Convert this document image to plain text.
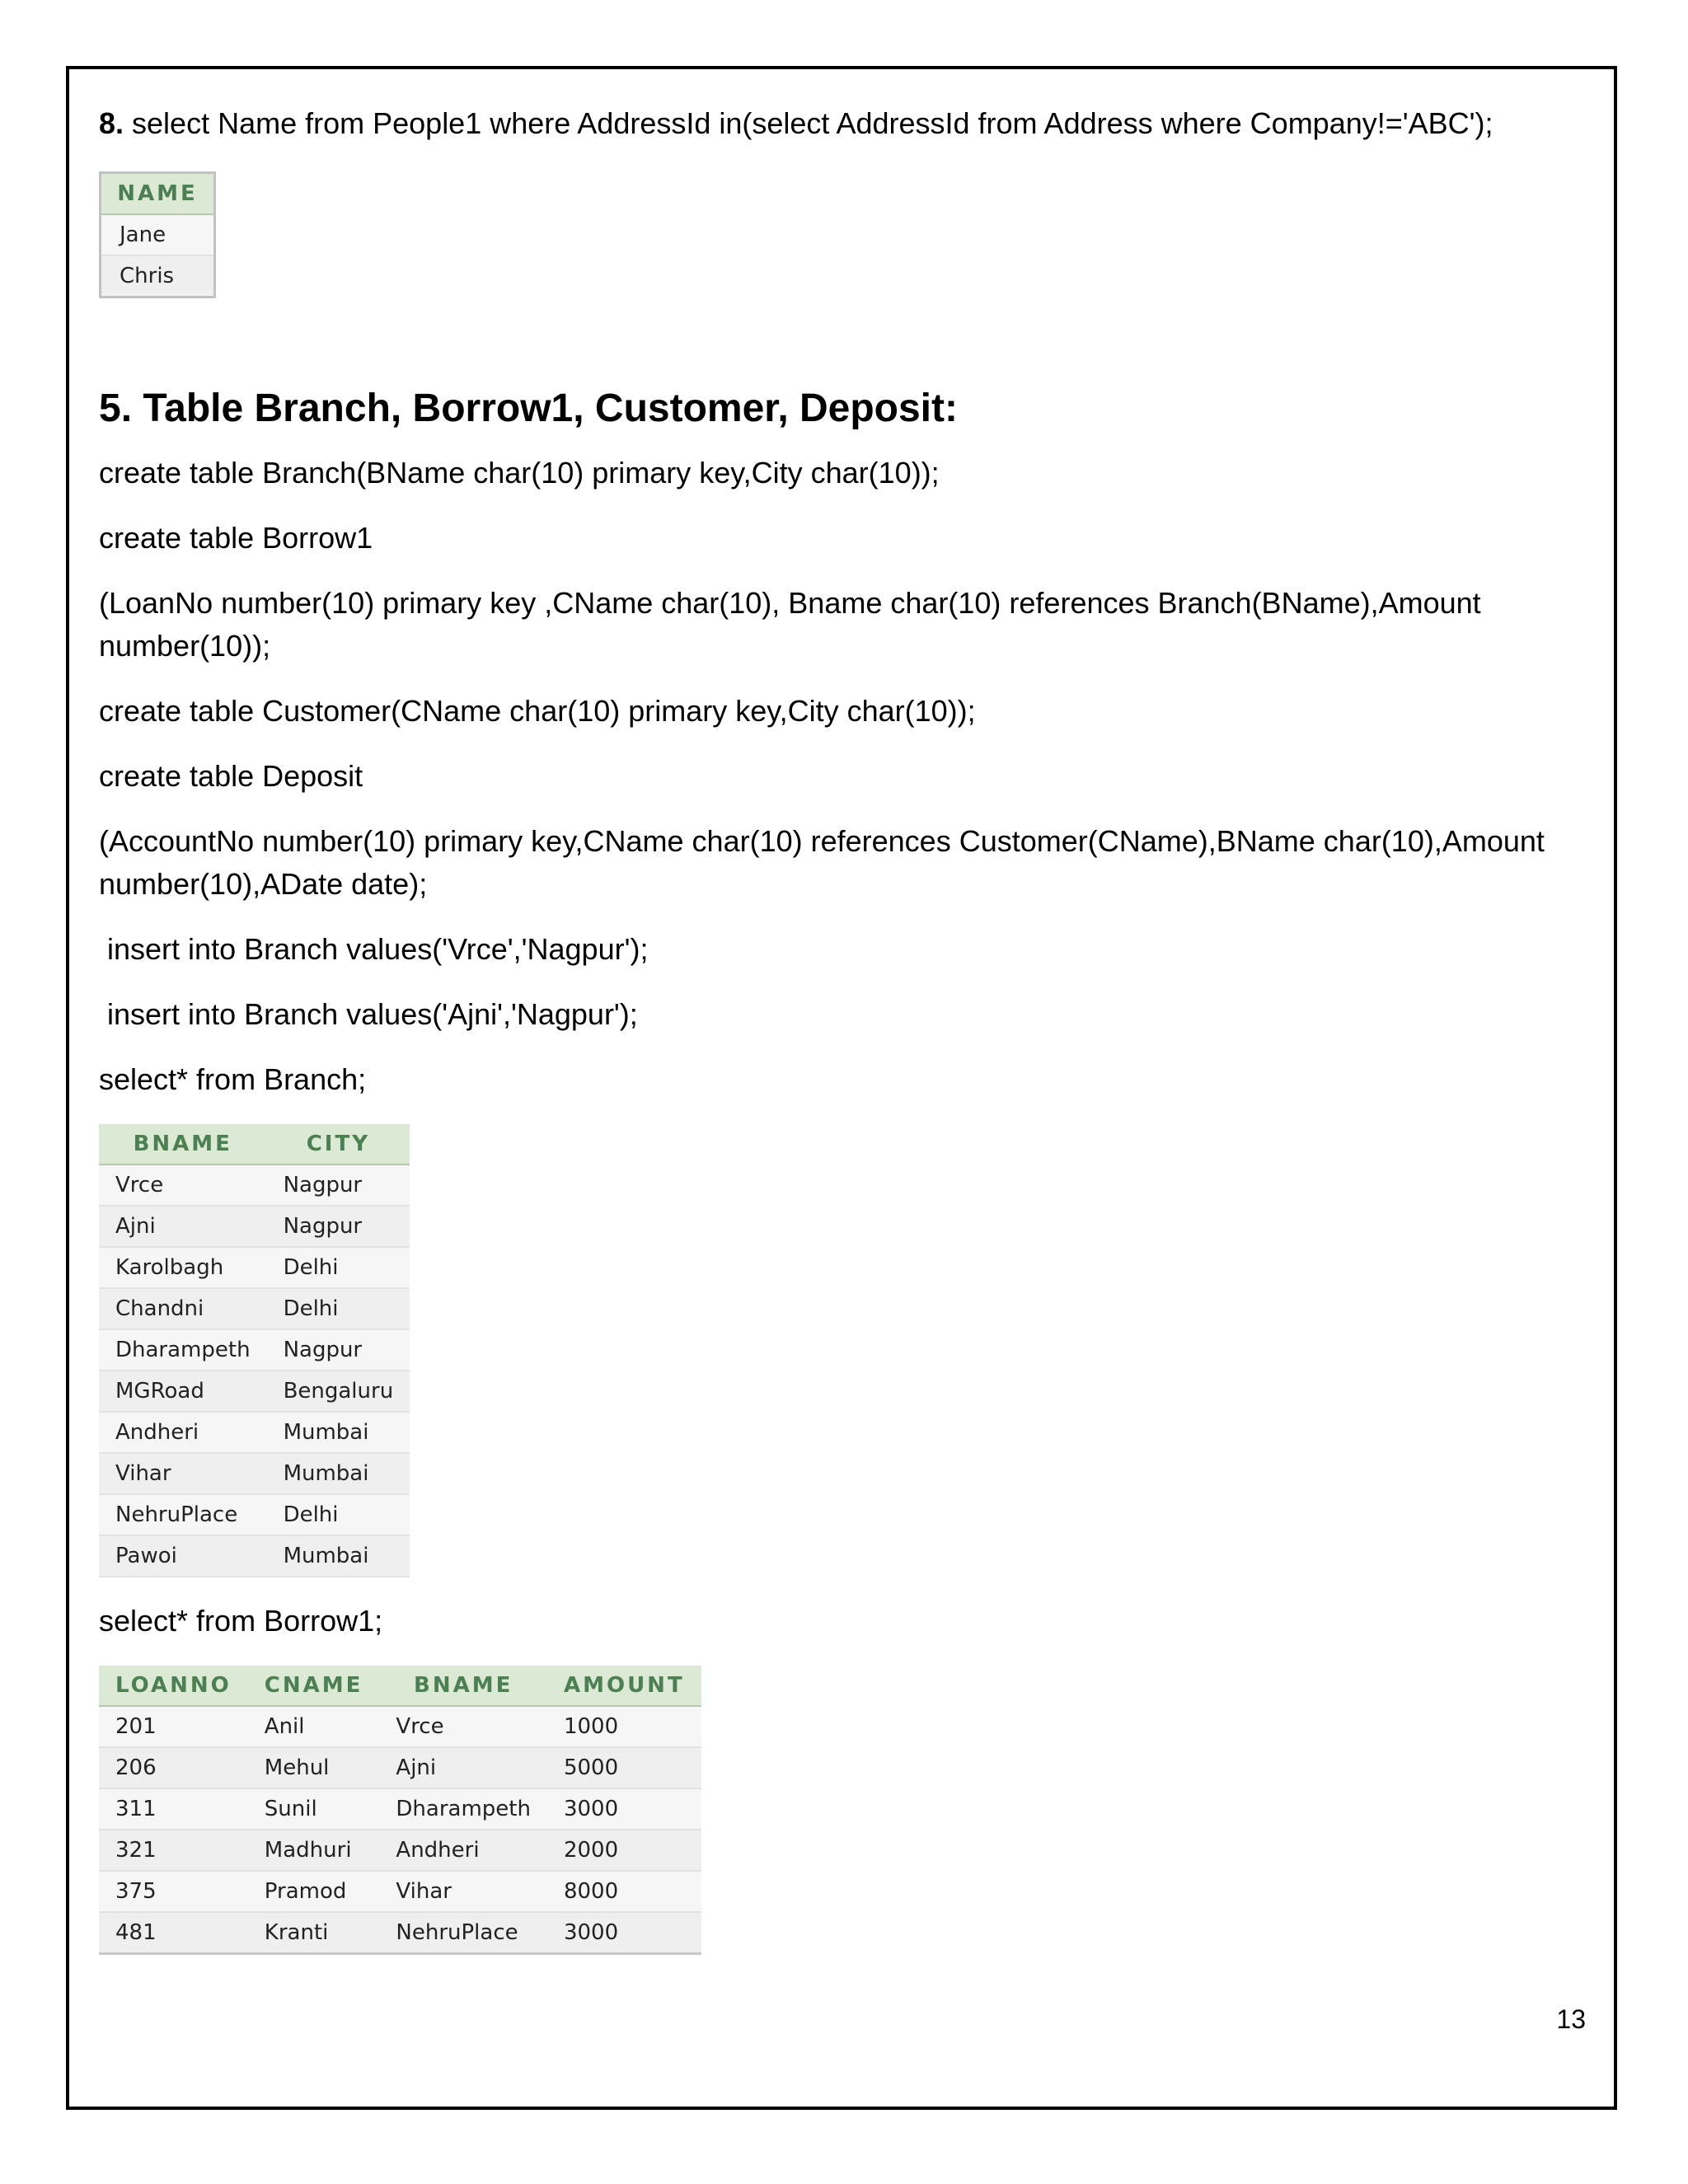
8. select Name from People1 where AddressId in(select AddressId from Address where Company!='ABC');

NAME
Jane
Chris
5. Table Branch, Borrow1, Customer, Deposit:

create table Branch(BName char(10) primary key,City char(10));

create table Borrow1

(LoanNo number(10) primary key ,CName char(10), Bname char(10) references Branch(BName),Amount number(10));

create table Customer(CName char(10) primary key,City char(10));

create table Deposit

(AccountNo number(10) primary key,CName char(10) references Customer(CName),BName char(10),Amount number(10),ADate date);

insert into Branch values('Vrce','Nagpur');

insert into Branch values('Ajni','Nagpur');

select* from Branch;

BNAME	CITY
Vrce	Nagpur
Ajni	Nagpur
Karolbagh	Delhi
Chandni	Delhi
Dharampeth	Nagpur
MGRoad	Bengaluru
Andheri	Mumbai
Vihar	Mumbai
NehruPlace	Delhi
Pawoi	Mumbai

select* from Borrow1;

LOANNO	CNAME	BNAME	AMOUNT
201	Anil	Vrce	1000
206	Mehul	Ajni	5000
311	Sunil	Dharampeth	3000
321	Madhuri	Andheri	2000
375	Pramod	Vihar	8000
481	Kranti	NehruPlace	3000
13
